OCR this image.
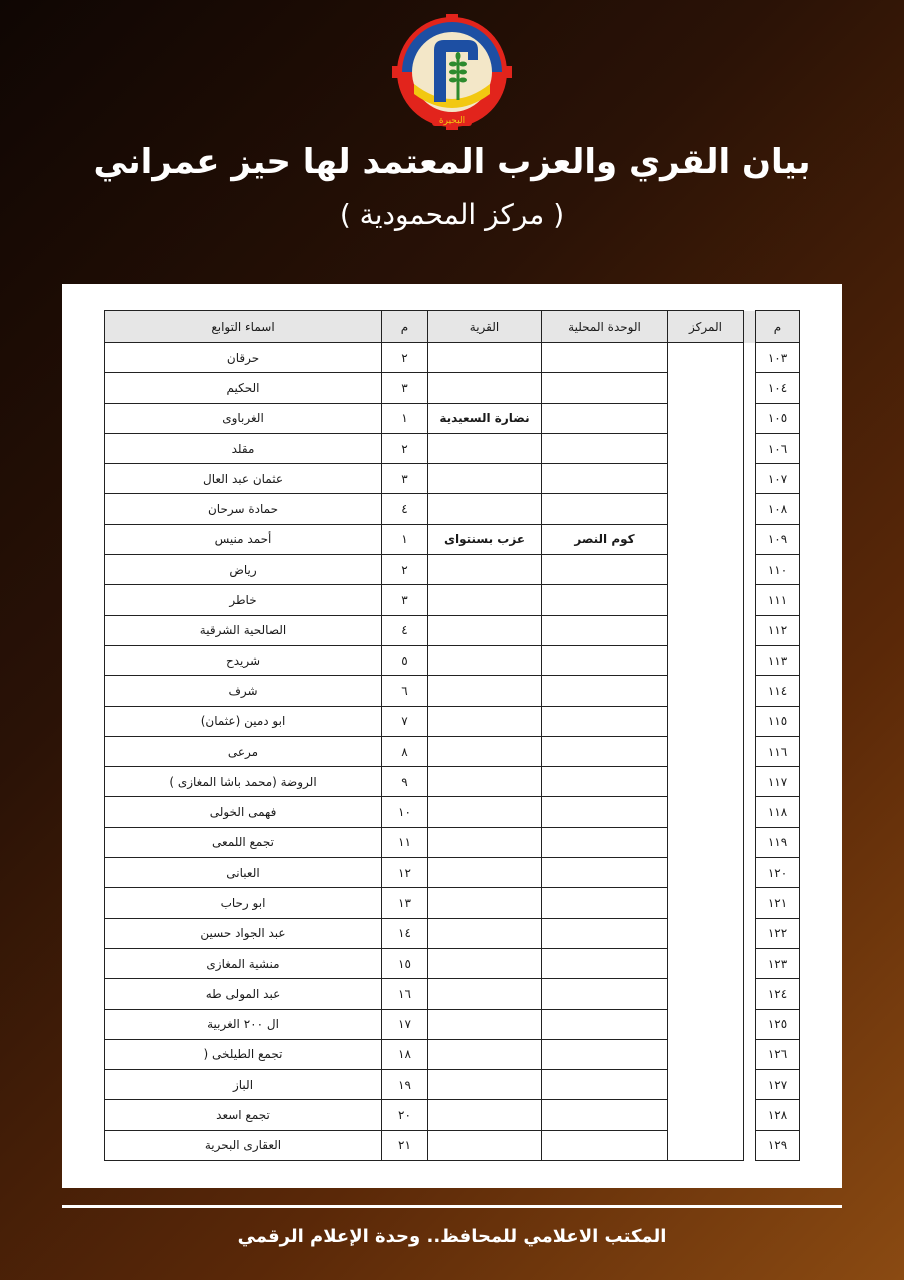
البحيرة
بيان القري والعزب المعتمد لها حيز عمراني
( مركز المحمودية )
م		المركز	الوحدة المحلية	القرية	م	اسماء التوابع
١٠٣					٢	حرقان
١٠٤					٣	الحكيم
١٠٥				نضارة السعيدية	١	الغرباوى
١٠٦					٢	مقلد
١٠٧					٣	عثمان عبد العال
١٠٨					٤	حمادة سرحان
١٠٩			كوم النصر	عزب بسنتواى	١	أحمد منيس
١١٠					٢	رياض
١١١					٣	خاطر
١١٢					٤	الصالحية الشرقية
١١٣					٥	شريدح
١١٤					٦	شرف
١١٥					٧	ابو دمين (عثمان)
١١٦					٨	مرعى
١١٧					٩	الروضة (محمد باشا المغازى )
١١٨					١٠	فهمى الخولى
١١٩					١١	تجمع اللمعى
١٢٠					١٢	العبانى
١٢١					١٣	ابو رحاب
١٢٢					١٤	عبد الجواد حسين
١٢٣					١٥	منشية المغازى
١٢٤					١٦	عبد المولى طه
١٢٥					١٧	ال ٢٠٠ الغربية
١٢٦					١٨	تجمع الطيلخى (
١٢٧					١٩	الباز
١٢٨					٢٠	تجمع اسعد
١٢٩					٢١	العقارى البحرية
المكتب الاعلامي للمحافظ.. وحدة الإعلام الرقمي
